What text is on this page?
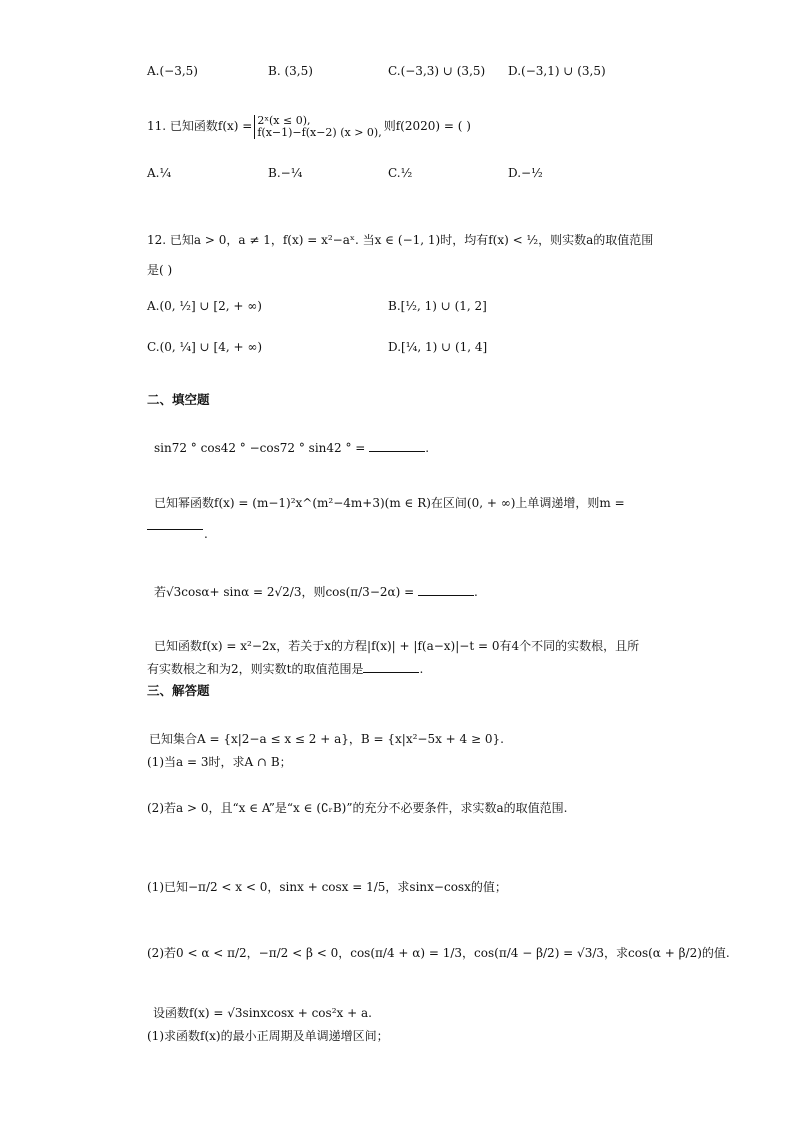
A.(−3,5)	B. (3,5)	C.(−3,3) ∪ (3,5) D.(−3,1) ∪ (3,5)
11. 已知函数f(x) = 2ˣ(x ≤ 0),
f(x−1)−f(x−2) (x > 0), 则f(2020) = ( )
A.¼	B.−¼	C.½	D.−½
12. 已知a > 0，a ≠ 1，f(x) = x²−aˣ. 当x ∈ (−1, 1)时，均有f(x) < ½，则实数a的取值范围
是( )
A.(0, ½] ∪ [2, + ∞)	B.[½, 1) ∪ (1, 2]
C.(0, ¼] ∪ [4, + ∞)	D.[¼, 1) ∪ (1, 4]
二、填空题
sin72 ° cos42 ° −cos72 ° sin42 ° =	.
已知幂函数f(x) = (m−1)²x^(m²−4m+3)(m ∈ R)在区间(0, + ∞)上单调递增，则m =
.
若√3cosα+ sinα = 2√2/3，则cos(π/3−2α) =	.
已知函数f(x) = x²−2x，若关于x的方程|f(x)| + |f(a−x)|−t = 0有4个不同的实数根，且所
有实数根之和为2，则实数t的取值范围是	.
三、解答题
已知集合A = {x|2−a ≤ x ≤ 2 + a}，B = {x|x²−5x + 4 ≥ 0}.
(1)当a = 3时，求A ∩ B；
(2)若a > 0，且“x ∈ A”是“x ∈ (∁ᵣB)”的充分不必要条件，求实数a的取值范围.
(1)已知−π/2 < x < 0，sinx + cosx = 1/5，求sinx−cosx的值；
(2)若0 < α < π/2，−π/2 < β < 0，cos(π/4 + α) = 1/3，cos(π/4 − β/2) = √3/3，求cos(α + β/2)的值.
设函数f(x) = √3sinxcosx + cos²x + a.
(1)求函数f(x)的最小正周期及单调递增区间；
